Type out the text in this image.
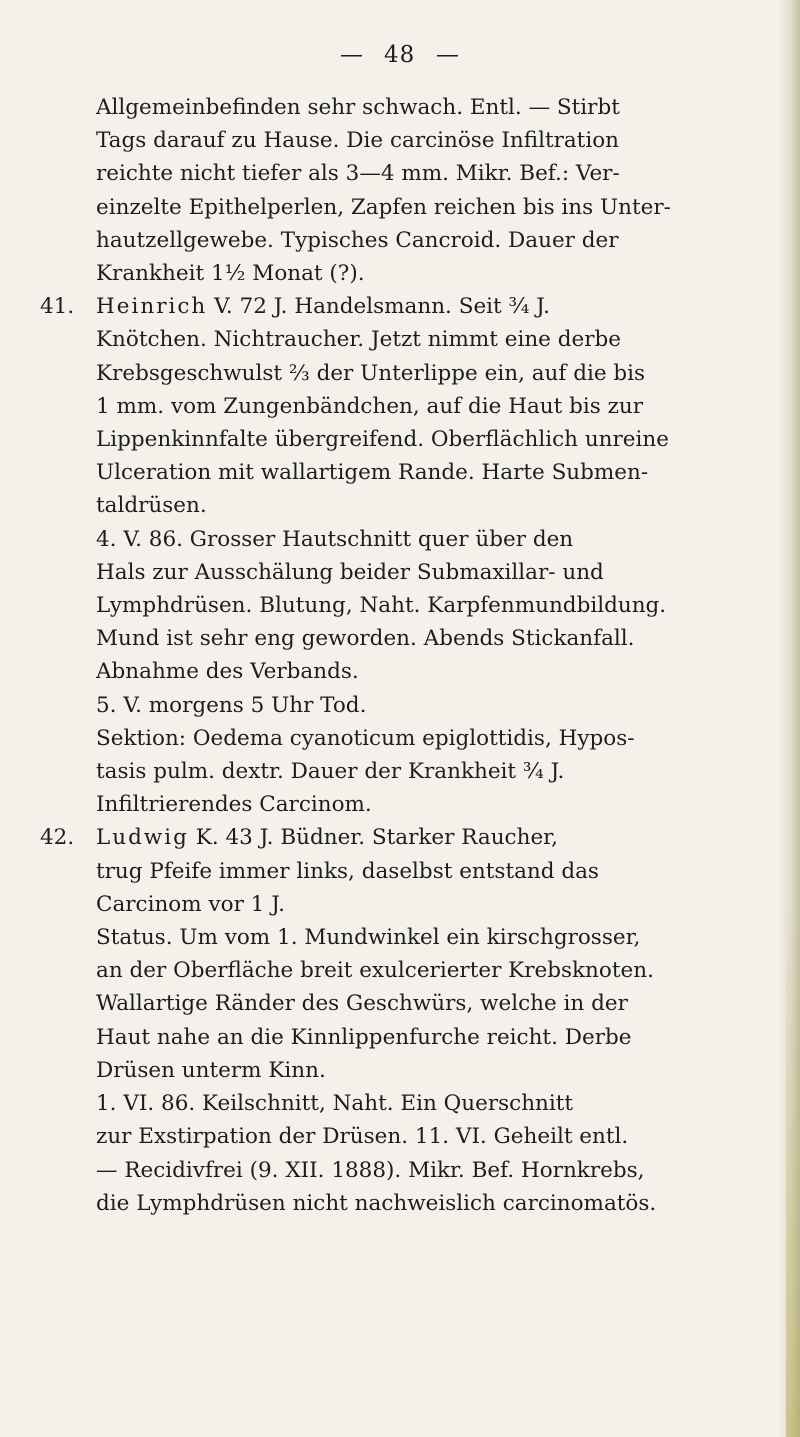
— 48 —
Allgemeinbefinden sehr schwach. Entl. — Stirbt
Tags darauf zu Hause. Die carcinöse Infiltration
reichte nicht tiefer als 3—4 mm. Mikr. Bef.: Ver-
einzelte Epithelperlen, Zapfen reichen bis ins Unter-
hautzellgewebe. Typisches Cancroid. Dauer der
Krankheit 1½ Monat (?).
41. Heinrich V. 72 J. Handelsmann. Seit ¾ J.
Knötchen. Nichtraucher. Jetzt nimmt eine derbe
Krebsgeschwulst ⅔ der Unterlippe ein, auf die bis
1 mm. vom Zungenbändchen, auf die Haut bis zur
Lippenkinnfalte übergreifend. Oberflächlich unreine
Ulceration mit wallartigem Rande. Harte Submen-
taldrüsen.
4. V. 86. Grosser Hautschnitt quer über den
Hals zur Ausschälung beider Submaxillar- und
Lymphdrüsen. Blutung, Naht. Karpfenmundbildung.
Mund ist sehr eng geworden. Abends Stickanfall.
Abnahme des Verbands.
5. V. morgens 5 Uhr Tod.
Sektion: Oedema cyanoticum epiglottidis, Hypos-
tasis pulm. dextr. Dauer der Krankheit ¾ J.
Infiltrierendes Carcinom.
42. Ludwig K. 43 J. Büdner. Starker Raucher,
trug Pfeife immer links, daselbst entstand das
Carcinom vor 1 J.
Status. Um vom 1. Mundwinkel ein kirschgrosser,
an der Oberfläche breit exulcerierter Krebsknoten.
Wallartige Ränder des Geschwürs, welche in der
Haut nahe an die Kinnlippenfurche reicht. Derbe
Drüsen unterm Kinn.
1. VI. 86. Keilschnitt, Naht. Ein Querschnitt
zur Exstirpation der Drüsen. 11. VI. Geheilt entl.
— Recidivfrei (9. XII. 1888). Mikr. Bef. Hornkrebs,
die Lymphdrüsen nicht nachweislich carcinomatös.
